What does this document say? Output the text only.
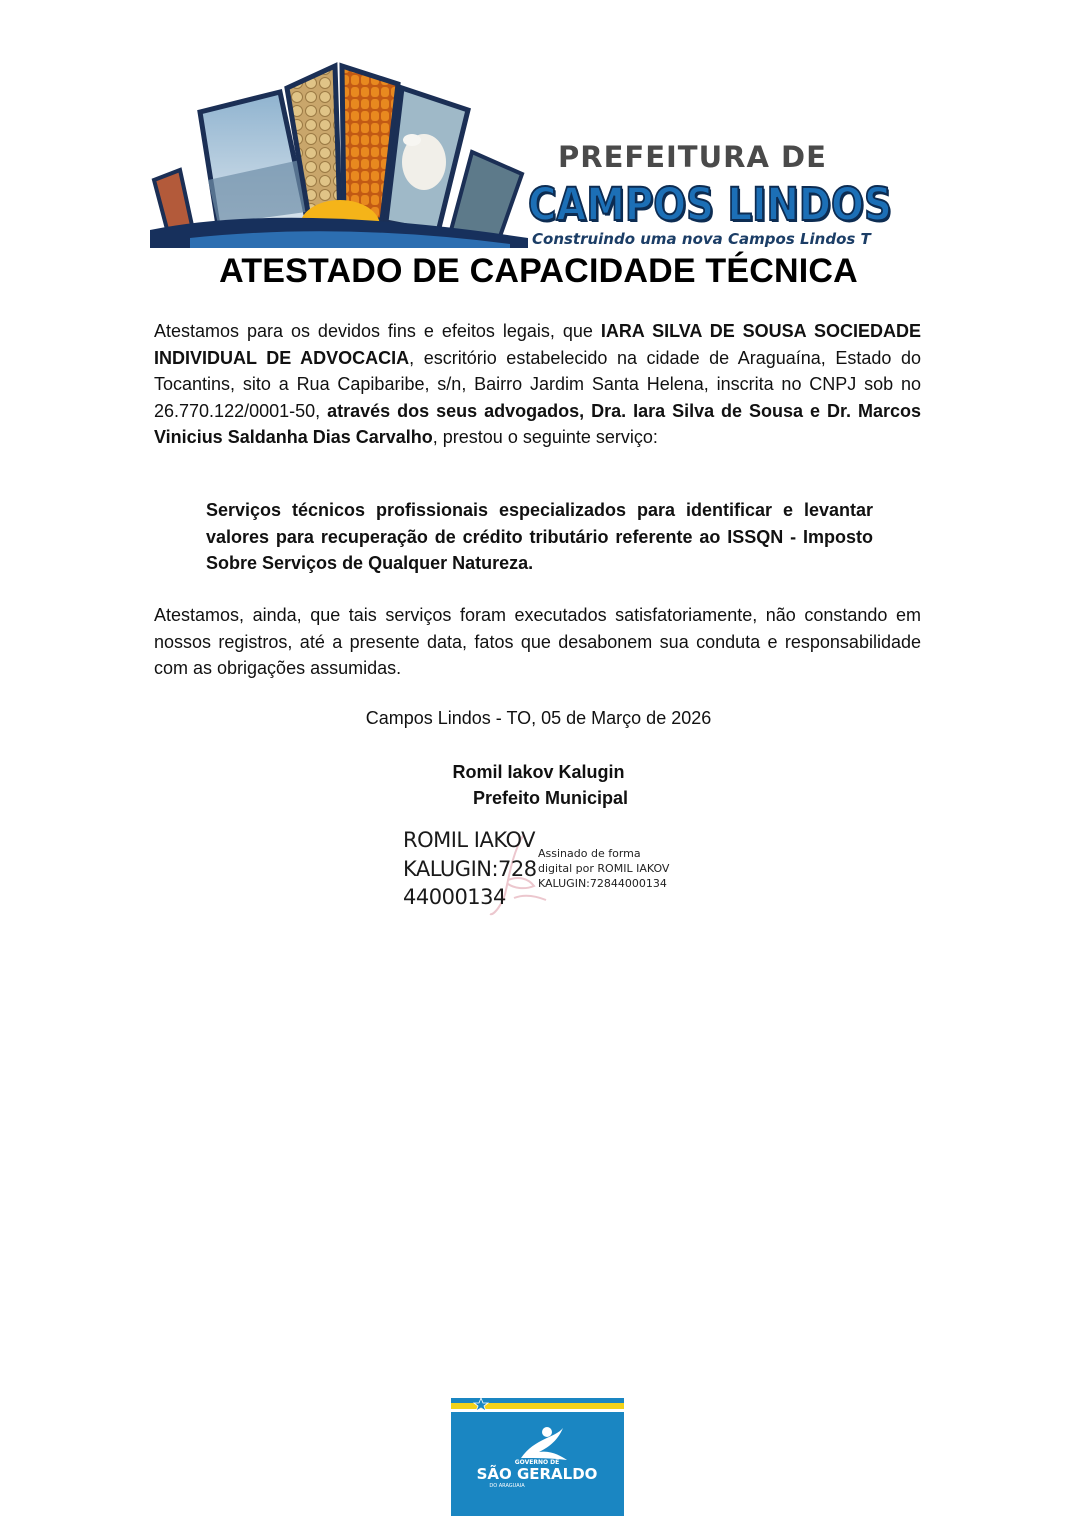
PREFEITURA DE
CAMPOS LINDOS
Construindo uma nova Campos Lindos T
ATESTADO DE CAPACIDADE TÉCNICA
Atestamos para os devidos fins e efeitos legais, que IARA SILVA DE SOUSA SOCIEDADE INDIVIDUAL DE ADVOCACIA, escritório estabelecido na cidade de Araguaína, Estado do Tocantins, sito a Rua Capibaribe, s/n, Bairro Jardim Santa Helena, inscrita no CNPJ sob no 26.770.122/0001-50, através dos seus advogados, Dra. Iara Silva de Sousa e Dr. Marcos Vinicius Saldanha Dias Carvalho, prestou o seguinte serviço:
Serviços técnicos profissionais especializados para identificar e levantar valores para recuperação de crédito tributário referente ao ISSQN - Imposto Sobre Serviços de Qualquer Natureza.
Atestamos, ainda, que tais serviços foram executados satisfatoriamente, não constando em nossos registros, até a presente data, fatos que desabonem sua conduta e responsabilidade com as obrigações assumidas.
Campos Lindos - TO, 05 de Março de 2026
Romil Iakov Kalugin
Prefeito Municipal
ROMIL IAKOV
KALUGIN:728
44000134
Assinado de forma
digital por ROMIL IAKOV
KALUGIN:72844000134
GOVERNO DE
SÃO GERALDO
DO ARAGUAIA
